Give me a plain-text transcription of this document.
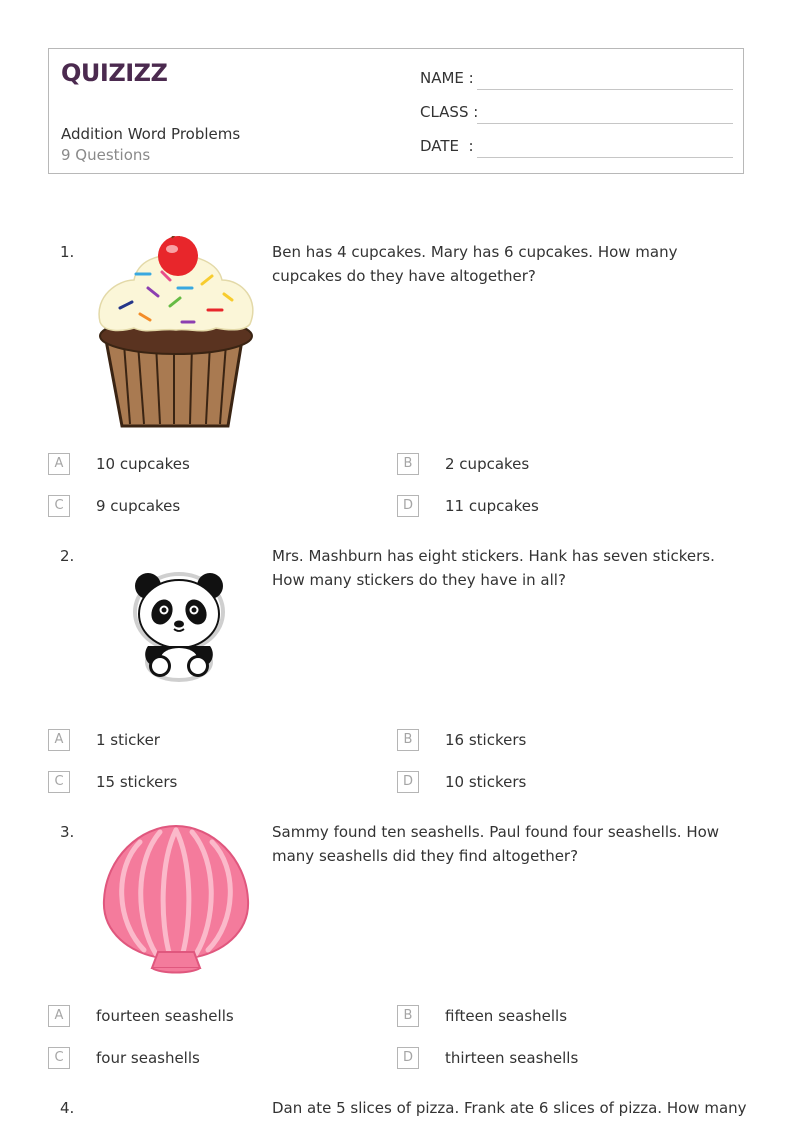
QUIZIZZ
Addition Word Problems
9 Questions
NAME :
CLASS :
DATE  :
1.	Ben has 4 cupcakes. Mary has 6 cupcakes. How many cupcakes do they have altogether?
A	10 cupcakes	B	2 cupcakes
C	9 cupcakes	D	11 cupcakes
2.	Mrs. Mashburn has eight stickers. Hank has seven stickers. How many stickers do they have in all?
A	1 sticker	B	16 stickers
C	15 stickers	D	10 stickers
3.	Sammy found ten seashells. Paul found four seashells. How many seashells did they find altogether?
A	fourteen seashells	B	fifteen seashells
C	four seashells	D	thirteen seashells
4.	Dan ate 5 slices of pizza. Frank ate 6 slices of pizza. How many
